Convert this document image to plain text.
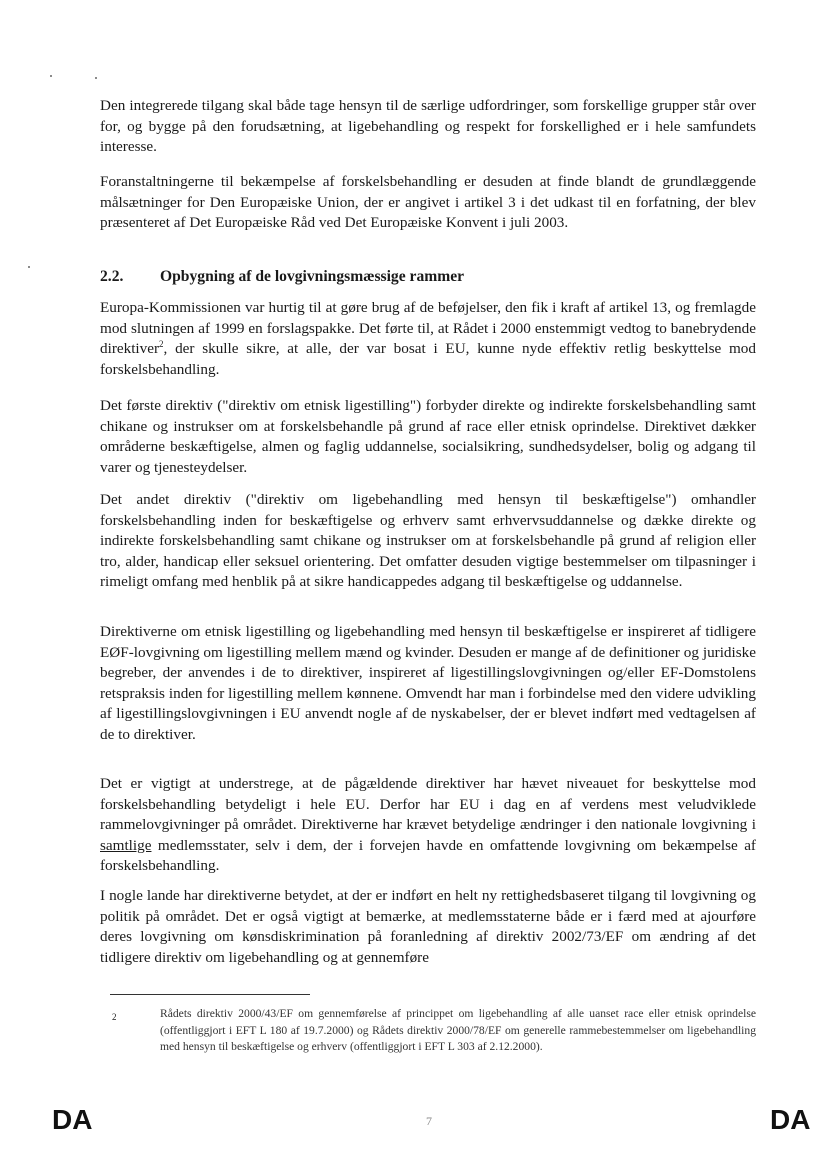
Den integrerede tilgang skal både tage hensyn til de særlige udfordringer, som forskellige grupper står over for, og bygge på den forudsætning, at ligebehandling og respekt for forskellighed er i hele samfundets interesse.

Foranstaltningerne til bekæmpelse af forskelsbehandling er desuden at finde blandt de grundlæggende målsætninger for Den Europæiske Union, der er angivet i artikel 3 i det udkast til en forfatning, der blev præsenteret af Det Europæiske Råd ved Det Europæiske Konvent i juli 2003.

2.2. Opbygning af de lovgivningsmæssige rammer

Europa-Kommissionen var hurtig til at gøre brug af de beføjelser, den fik i kraft af artikel 13, og fremlagde mod slutningen af 1999 en forslagspakke. Det førte til, at Rådet i 2000 enstemmigt vedtog to banebrydende direktiver$^2$, der skulle sikre, at alle, der var bosat i EU, kunne nyde effektiv retlig beskyttelse mod forskelsbehandling.

Det første direktiv ("direktiv om etnisk ligestilling") forbyder direkte og indirekte forskelsbehandling samt chikane og instrukser om at forskelsbehandle på grund af race eller etnisk oprindelse. Direktivet dækker områderne beskæftigelse, almen og faglig uddannelse, socialsikring, sundhedsydelser, bolig og adgang til varer og tjenesteydelser.

Det andet direktiv ("direktiv om ligebehandling med hensyn til beskæftigelse") omhandler forskelsbehandling inden for beskæftigelse og erhverv samt erhvervsuddannelse og dække direkte og indirekte forskelsbehandling samt chikane og instrukser om at forskelsbehandle på grund af religion eller tro, alder, handicap eller seksuel orientering. Det omfatter desuden vigtige bestemmelser om tilpasninger i rimeligt omfang med henblik på at sikre handicappedes adgang til beskæftigelse og uddannelse.

Direktiverne om etnisk ligestilling og ligebehandling med hensyn til beskæftigelse er inspireret af tidligere EØF-lovgivning om ligestilling mellem mænd og kvinder. Desuden er mange af de definitioner og juridiske begreber, der anvendes i de to direktiver, inspireret af ligestillingslovgivningen og/eller EF-Domstolens retspraksis inden for ligestilling mellem kønnene. Omvendt har man i forbindelse med den videre udvikling af ligestillingslovgivningen i EU anvendt nogle af de nyskabelser, der er blevet indført med vedtagelsen af de to direktiver.

Det er vigtigt at understrege, at de pågældende direktiver har hævet niveauet for beskyttelse mod forskelsbehandling betydeligt i hele EU. Derfor har EU i dag en af verdens mest veludviklede rammelovgivninger på området. Direktiverne har krævet betydelige ændringer i den nationale lovgivning i samtlige medlemsstater, selv i dem, der i forvejen havde en omfattende lovgivning om bekæmpelse af forskelsbehandling.

I nogle lande har direktiverne betydet, at der er indført en helt ny rettighedsbaseret tilgang til lovgivning og politik på området. Det er også vigtigt at bemærke, at medlemsstaterne både er i færd med at ajourføre deres lovgivning om kønsdiskrimination på foranledning af direktiv 2002/73/EF om ændring af det tidligere direktiv om ligebehandling og at gennemføre

2	Rådets direktiv 2000/43/EF om gennemførelse af princippet om ligebehandling af alle uanset race eller etnisk oprindelse (offentliggjort i EFT L 180 af 19.7.2000) og Rådets direktiv 2000/78/EF om generelle rammebestemmelser om ligebehandling med hensyn til beskæftigelse og erhverv (offentliggjort i EFT L 303 af 2.12.2000).

DA	7	DA
